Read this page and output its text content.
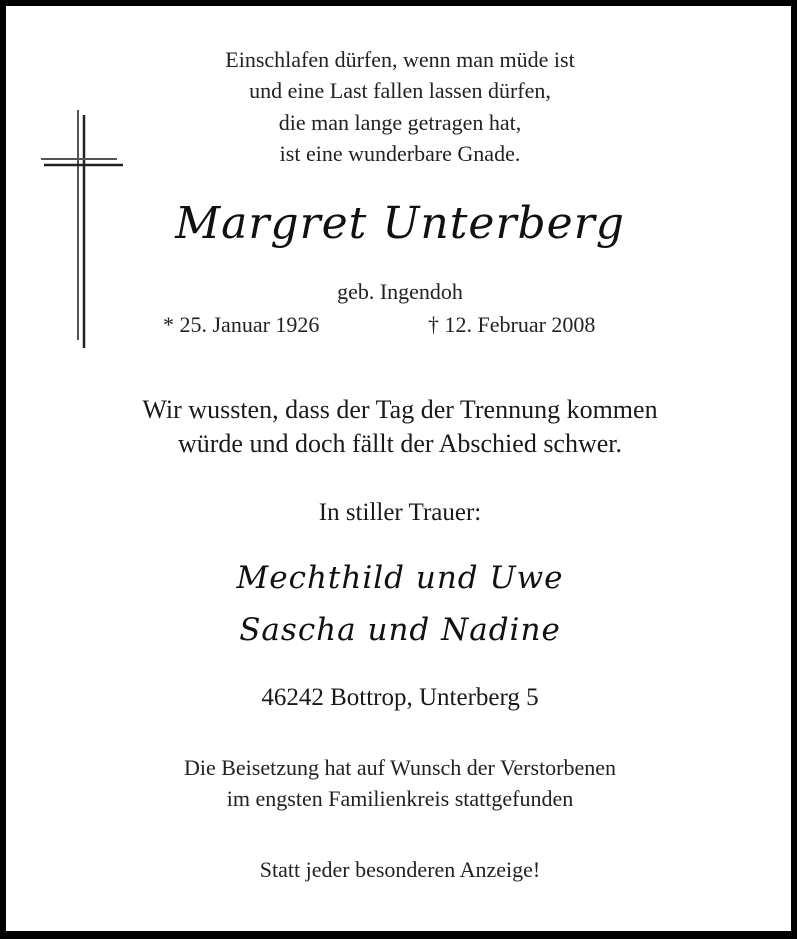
Einschlafen dürfen, wenn man müde ist
und eine Last fallen lassen dürfen,
die man lange getragen hat,
ist eine wunderbare Gnade.
Margret Unterberg
geb. Ingendoh
* 25. Januar 1926	† 12. Februar 2008
Wir wussten, dass der Tag der Trennung kommen
würde und doch fällt der Abschied schwer.
In stiller Trauer:
Mechthild und Uwe
Sascha und Nadine
46242 Bottrop, Unterberg 5
Die Beisetzung hat auf Wunsch der Verstorbenen
im engsten Familienkreis stattgefunden
Statt jeder besonderen Anzeige!
